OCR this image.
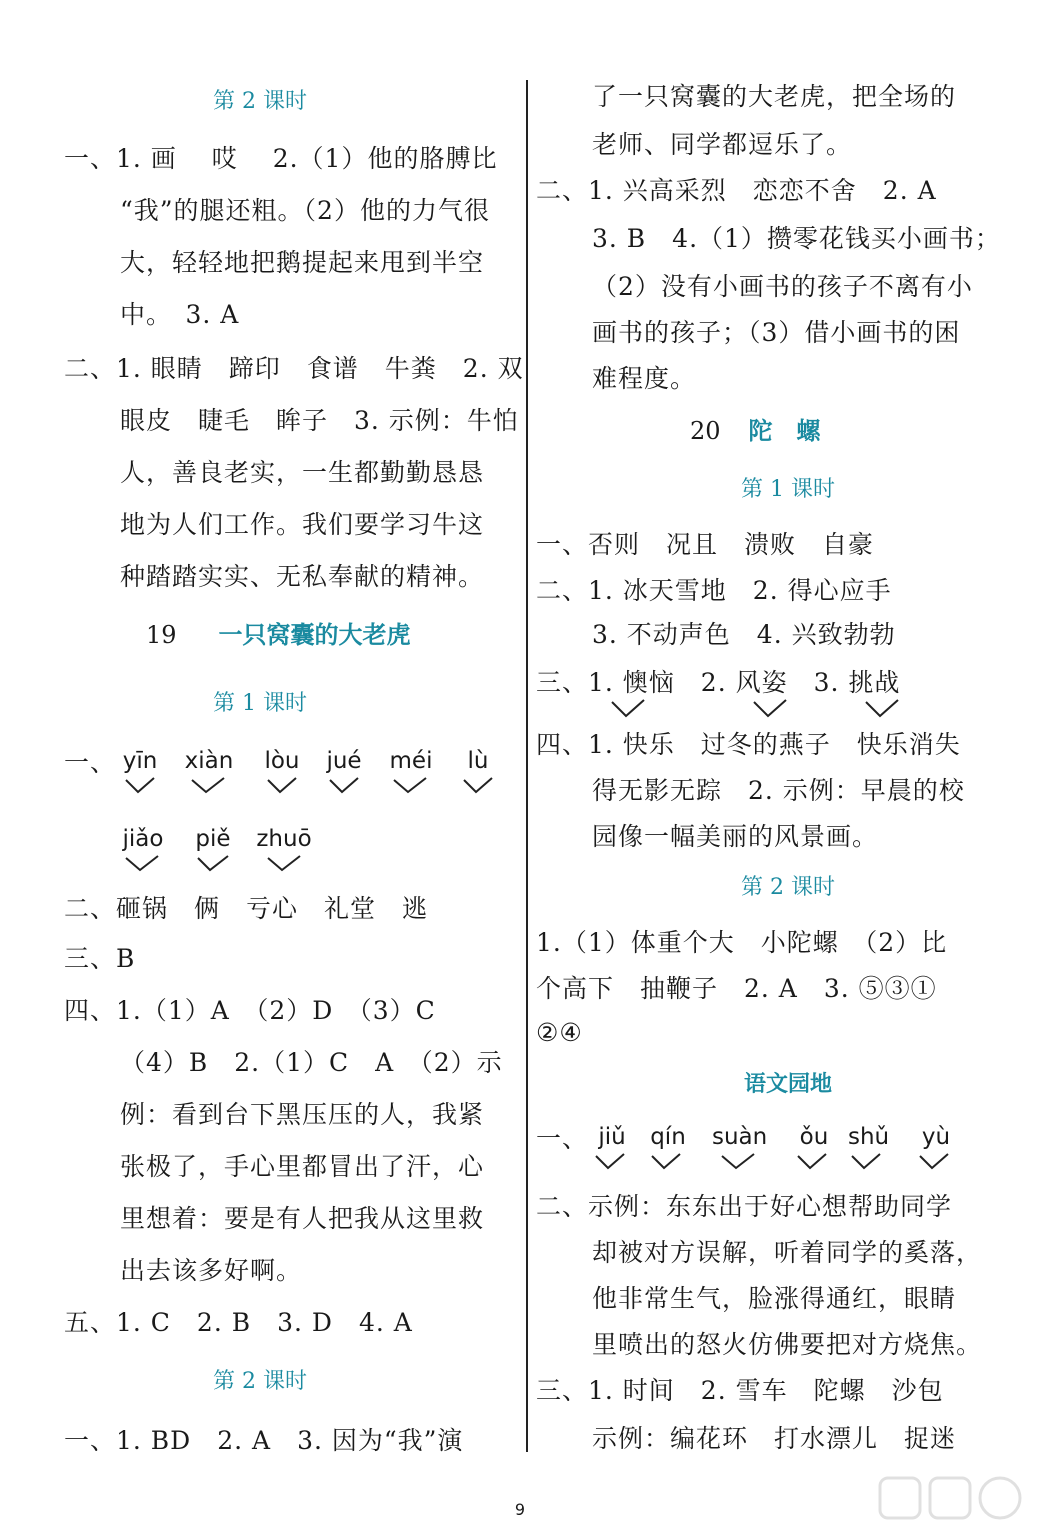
第 2 课时
一、1. 画　 哎　 2.（1）他的胳膊比
“我”的腿还粗。（2）他的力气很
大，轻轻地把鹅提起来甩到半空
中。　3. A
二、1. 眼睛　蹄印　食谱　牛粪　2. 双
眼皮　睫毛　眸子　3. 示例：牛怕
人，善良老实，一生都勤勤恳恳
地为人们工作。我们要学习牛这
种踏踏实实、无私奉献的精神。
19 一只窝囊的大老虎
第 1 课时
一、 yīn xiàn lòu jué méi	lù
jiǎo piě zhuō
二、砸锅　俩　亏心　礼堂　逃
三、B
四、1.（1）A　（2）D　（3）C
（4）B　2.（1）C　A　（2）示
例：看到台下黑压压的人，我紧
张极了，手心里都冒出了汗，心
里想着：要是有人把我从这里救
出去该多好啊。
五、1. C　2. B　3. D　4. A
第 2 课时
一、1. BD　2. A　3. 因为“我”演
了一只窝囊的大老虎，把全场的
老师、同学都逗乐了。
二、1. 兴高采烈　恋恋不舍　2. A
3. B　4.（1）攒零花钱买小画书；
（2）没有小画书的孩子不离有小
画书的孩子；（3）借小画书的困
难程度。
20 陀　螺
第 1 课时
一、否则　况且　溃败　自豪
二、1. 冰天雪地　2. 得心应手
3. 不动声色　4. 兴致勃勃
三、1. 懊恼　2. 风姿　3. 挑战
四、1. 快乐　过冬的燕子　快乐消失
得无影无踪　2. 示例：早晨的校
园像一幅美丽的风景画。
第 2 课时
1.（1）体重个大　小陀螺　（2）比
个高下　抽鞭子　2. A　3. ⑤③①
②④
语文园地
一、 jiǔ qín suàn ǒu shǔ yù
二、示例：东东出于好心想帮助同学
却被对方误解，听着同学的奚落，
他非常生气，脸涨得通红，眼睛
里喷出的怒火仿佛要把对方烧焦。
三、1. 时间　2. 雪车　陀螺　沙包
示例：编花环　打水漂儿　捉迷
9
